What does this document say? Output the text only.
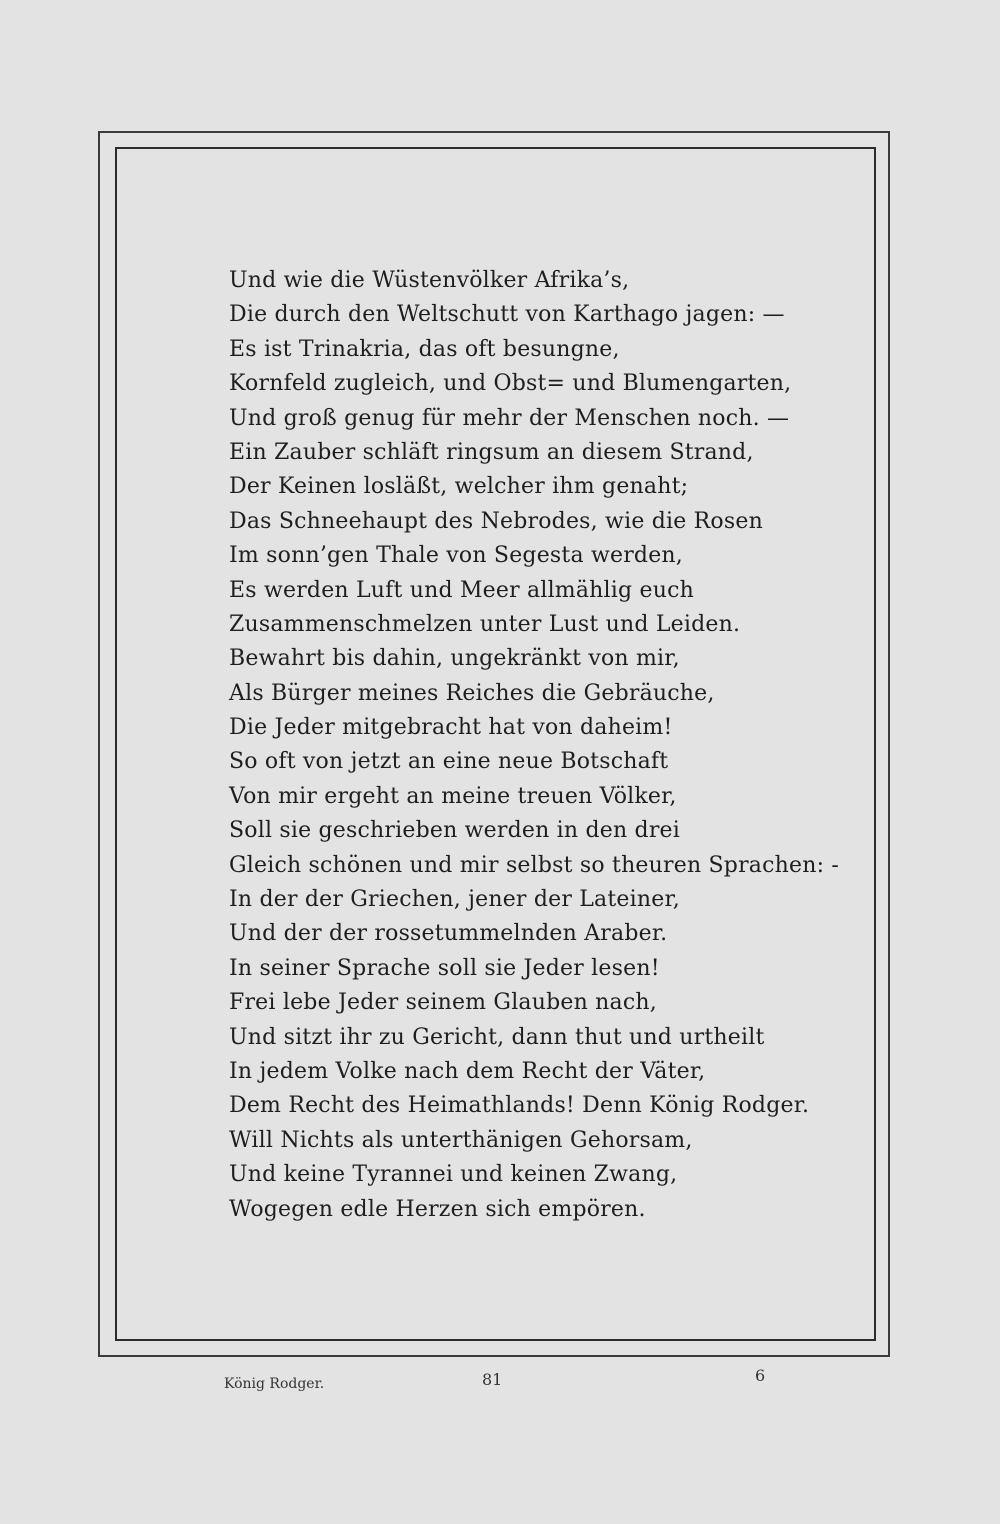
Und wie die Wüstenvölker Afrika’s,
Die durch den Weltschutt von Karthago jagen: —
Es ist Trinakria, das oft besungne,
Kornfeld zugleich, und Obst= und Blumengarten,
Und groß genug für mehr der Menschen noch. —
Ein Zauber schläft ringsum an diesem Strand,
Der Keinen losläßt, welcher ihm genaht;
Das Schneehaupt des Nebrodes, wie die Rosen
Im sonn’gen Thale von Segesta werden,
Es werden Luft und Meer allmählig euch
Zusammenschmelzen unter Lust und Leiden.
Bewahrt bis dahin, ungekränkt von mir,
Als Bürger meines Reiches die Gebräuche,
Die Jeder mitgebracht hat von daheim!
So oft von jetzt an eine neue Botschaft
Von mir ergeht an meine treuen Völker,
Soll sie geschrieben werden in den drei
Gleich schönen und mir selbst so theuren Sprachen: -
In der der Griechen, jener der Lateiner,
Und der der rossetummelnden Araber.
In seiner Sprache soll sie Jeder lesen!
Frei lebe Jeder seinem Glauben nach,
Und sitzt ihr zu Gericht, dann thut und urtheilt
In jedem Volke nach dem Recht der Väter,
Dem Recht des Heimathlands! Denn König Rodger.
Will Nichts als unterthänigen Gehorsam,
Und keine Tyrannei und keinen Zwang,
Wogegen edle Herzen sich empören.
König Rodger.	81	6
